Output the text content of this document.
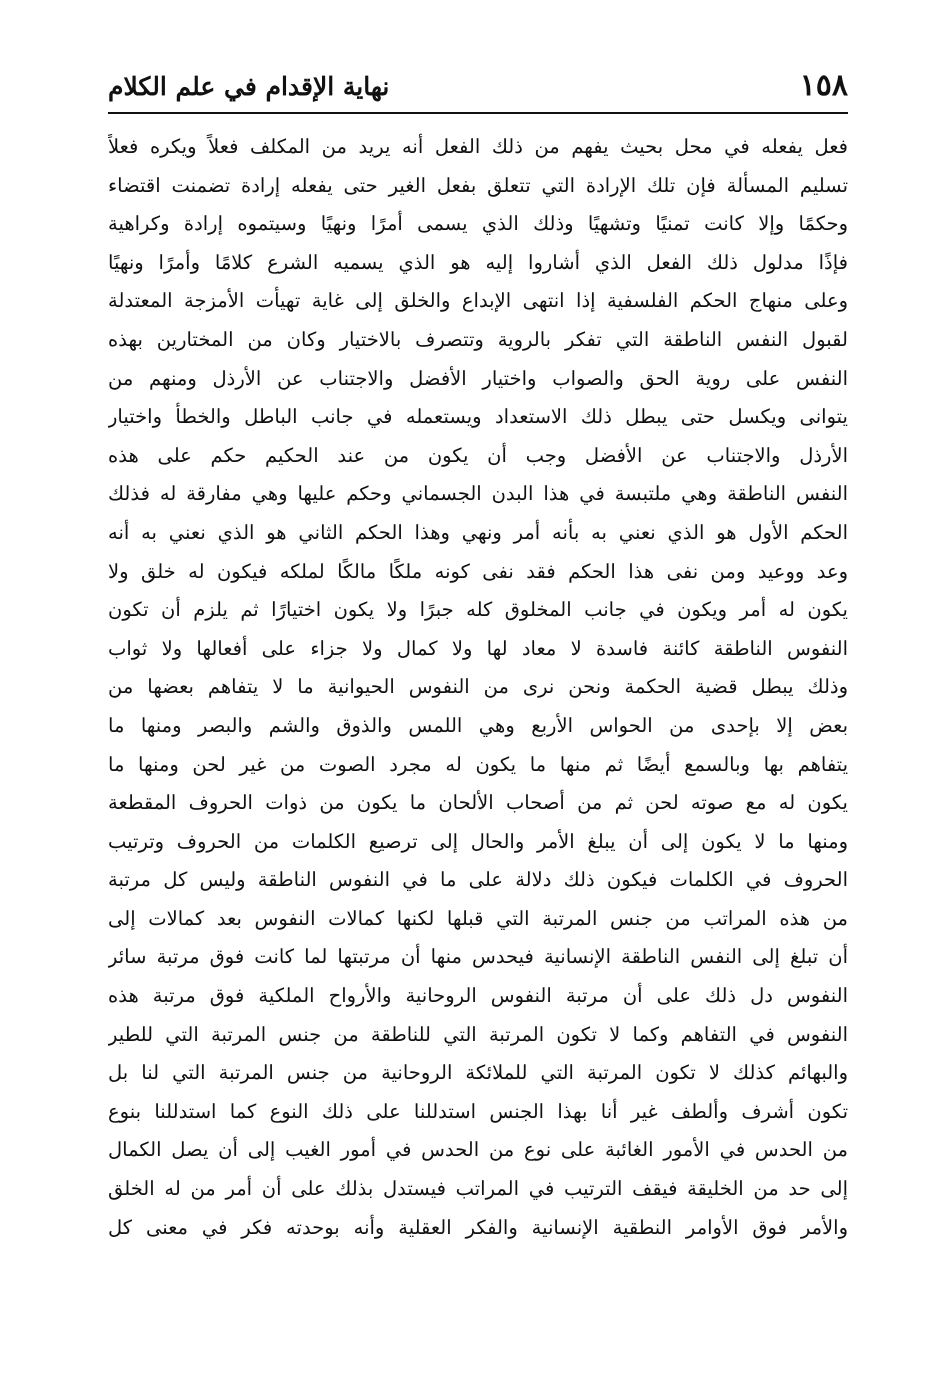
١٥٨
نهاية الإقدام في علم الكلام
فعل يفعله في محل بحيث يفهم من ذلك الفعل أنه يريد من المكلف فعلاً ويكره فعلاً
تسليم المسألة فإن تلك الإرادة التي تتعلق بفعل الغير حتى يفعله إرادة تضمنت اقتضاء
وحكمًا وإلا كانت تمنيًا وتشهيًا وذلك الذي يسمى أمرًا ونهيًا وسيتموه إرادة وكراهية
فإذًا مدلول ذلك الفعل الذي أشاروا إليه هو الذي يسميه الشرع كلامًا وأمرًا ونهيًا
وعلى منهاج الحكم الفلسفية إذا انتهى الإبداع والخلق إلى غاية تهيأت الأمزجة المعتدلة
لقبول النفس الناطقة التي تفكر بالروية وتتصرف بالاختيار وكان من المختارين بهذه
النفس على روية الحق والصواب واختيار الأفضل والاجتناب عن الأرذل ومنهم من
يتوانى ويكسل حتى يبطل ذلك الاستعداد ويستعمله في جانب الباطل والخطأ واختيار
الأرذل والاجتناب عن الأفضل وجب أن يكون من عند الحكيم حكم على هذه
النفس الناطقة وهي ملتبسة في هذا البدن الجسماني وحكم عليها وهي مفارقة له فذلك
الحكم الأول هو الذي نعني به بأنه أمر ونهي وهذا الحكم الثاني هو الذي نعني به أنه
وعد ووعيد ومن نفى هذا الحكم فقد نفى كونه ملكًا مالكًا لملكه فيكون له خلق ولا
يكون له أمر ويكون في جانب المخلوق كله جبرًا ولا يكون اختيارًا ثم يلزم أن تكون
النفوس الناطقة كائنة فاسدة لا معاد لها ولا كمال ولا جزاء على أفعالها ولا ثواب
وذلك يبطل قضية الحكمة ونحن نرى من النفوس الحيوانية ما لا يتفاهم بعضها من
بعض إلا بإحدى من الحواس الأربع وهي اللمس والذوق والشم والبصر ومنها ما
يتفاهم بها وبالسمع أيضًا ثم منها ما يكون له مجرد الصوت من غير لحن ومنها ما
يكون له مع صوته لحن ثم من أصحاب الألحان ما يكون من ذوات الحروف المقطعة
ومنها ما لا يكون إلى أن يبلغ الأمر والحال إلى ترصيع الكلمات من الحروف وترتيب
الحروف في الكلمات فيكون ذلك دلالة على ما في النفوس الناطقة وليس كل مرتبة
من هذه المراتب من جنس المرتبة التي قبلها لكنها كمالات النفوس بعد كمالات إلى
أن تبلغ إلى النفس الناطقة الإنسانية فيحدس منها أن مرتبتها لما كانت فوق مرتبة سائر
النفوس دل ذلك على أن مرتبة النفوس الروحانية والأرواح الملكية فوق مرتبة هذه
النفوس في التفاهم وكما لا تكون المرتبة التي للناطقة من جنس المرتبة التي للطير
والبهائم كذلك لا تكون المرتبة التي للملائكة الروحانية من جنس المرتبة التي لنا بل
تكون أشرف وألطف غير أنا بهذا الجنس استدللنا على ذلك النوع كما استدللنا بنوع
من الحدس في الأمور الغائبة على نوع من الحدس في أمور الغيب إلى أن يصل الكمال
إلى حد من الخليقة فيقف الترتيب في المراتب فيستدل بذلك على أن أمر من له الخلق
والأمر فوق الأوامر النطقية الإنسانية والفكر العقلية وأنه بوحدته فكر في معنى كل
